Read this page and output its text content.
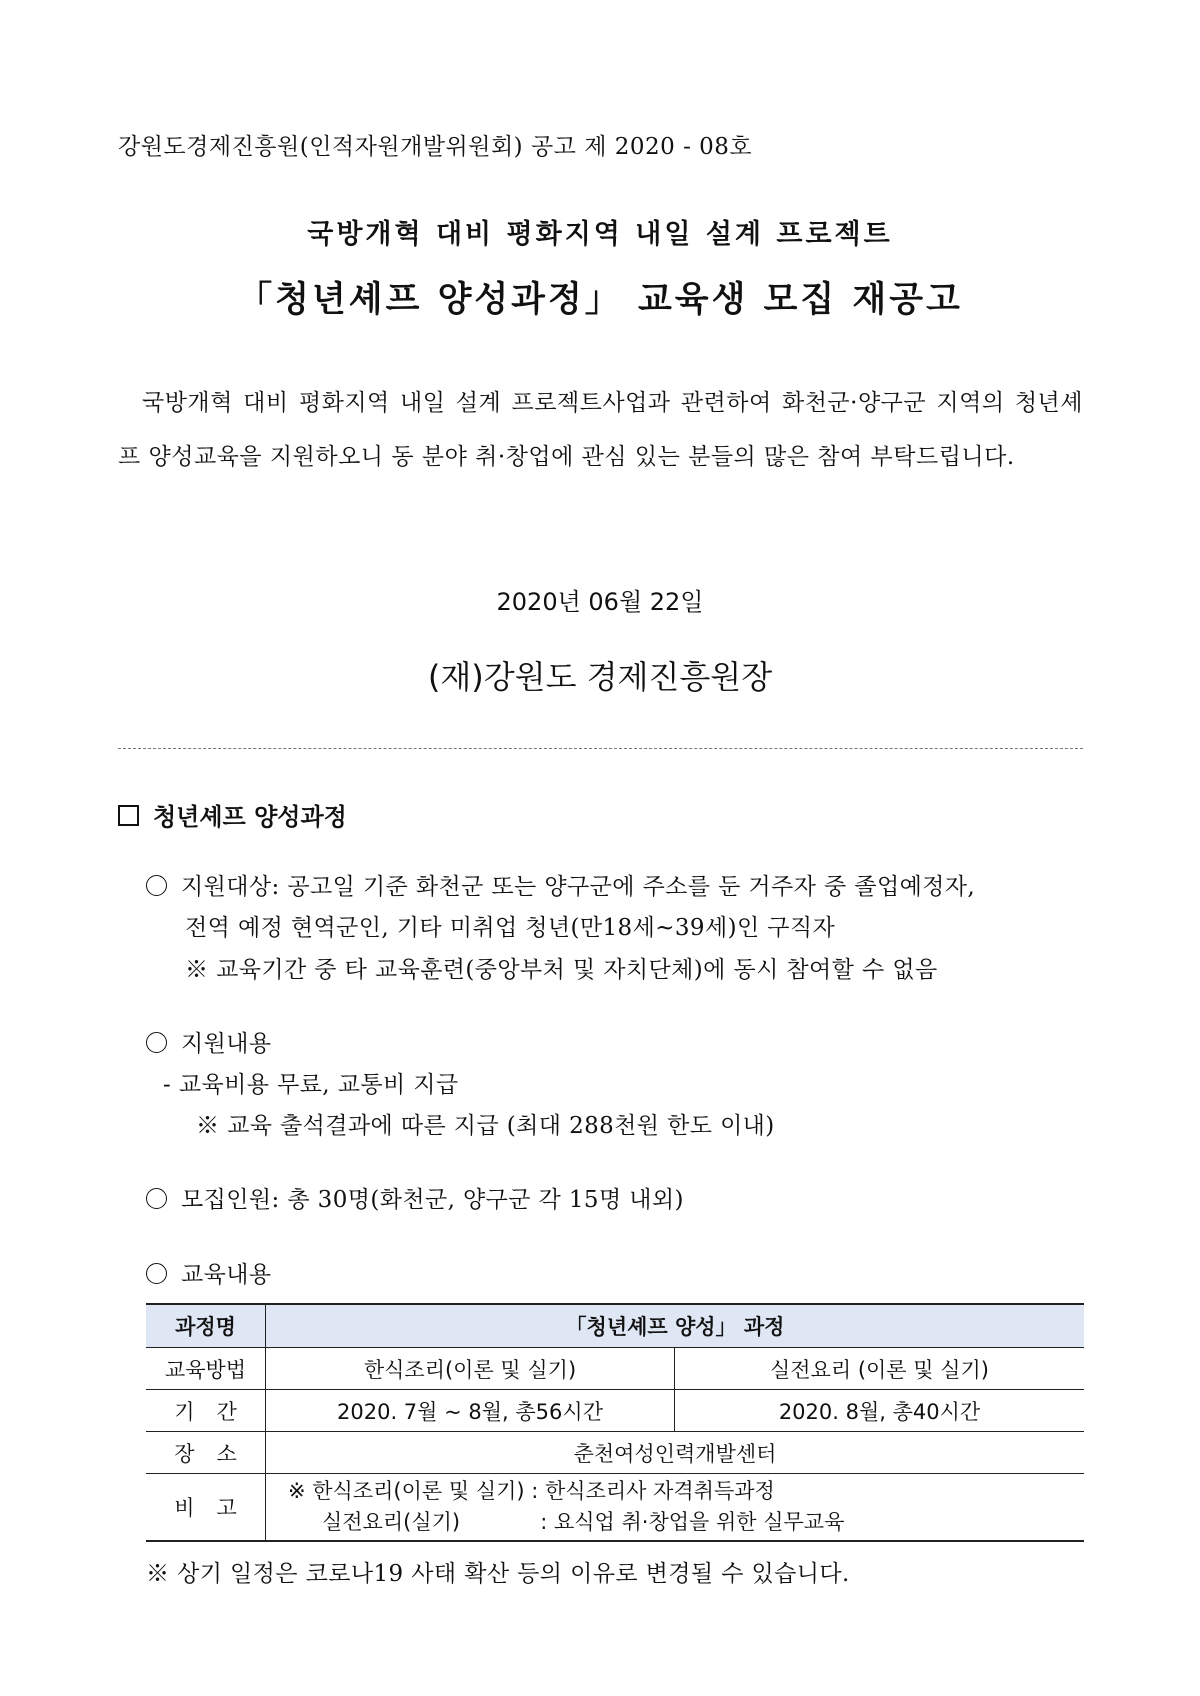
강원도경제진흥원(인적자원개발위원회) 공고 제 2020 - 08호
국방개혁 대비 평화지역 내일 설계 프로젝트
「청년셰프 양성과정」 교육생 모집 재공고
국방개혁 대비 평화지역 내일 설계 프로젝트사업과 관련하여 화천군·양구군 지역의 청년셰프 양성교육을 지원하오니 동 분야 취·창업에 관심 있는 분들의 많은 참여 부탁드립니다.
2020년 06월 22일
(재)강원도 경제진흥원장
청년셰프 양성과정
지원대상: 공고일 기준 화천군 또는 양구군에 주소를 둔 거주자 중 졸업예정자,
전역 예정 현역군인, 기타 미취업 청년(만18세~39세)인 구직자
※ 교육기간 중 타 교육훈련(중앙부처 및 자치단체)에 동시 참여할 수 없음
지원내용
- 교육비용 무료, 교통비 지급
※ 교육 출석결과에 따른 지급 (최대 288천원 한도 이내)
모집인원: 총 30명(화천군, 양구군 각 15명 내외)
교육내용
과정명	「청년셰프 양성」 과정	
교육방법	한식조리(이론 및 실기)	실전요리 (이론 및 실기)
기간	2020. 7월 ~ 8월, 총56시간	2020. 8월, 총40시간
장소	춘천여성인력개발센터	
비고	※ 한식조리(이론 및 실기) : 한식조리사 자격취득과정
실전요리(실기)            : 요식업 취·창업을 위한 실무교육	
※ 상기 일정은 코로나19 사태 확산 등의 이유로 변경될 수 있습니다.
